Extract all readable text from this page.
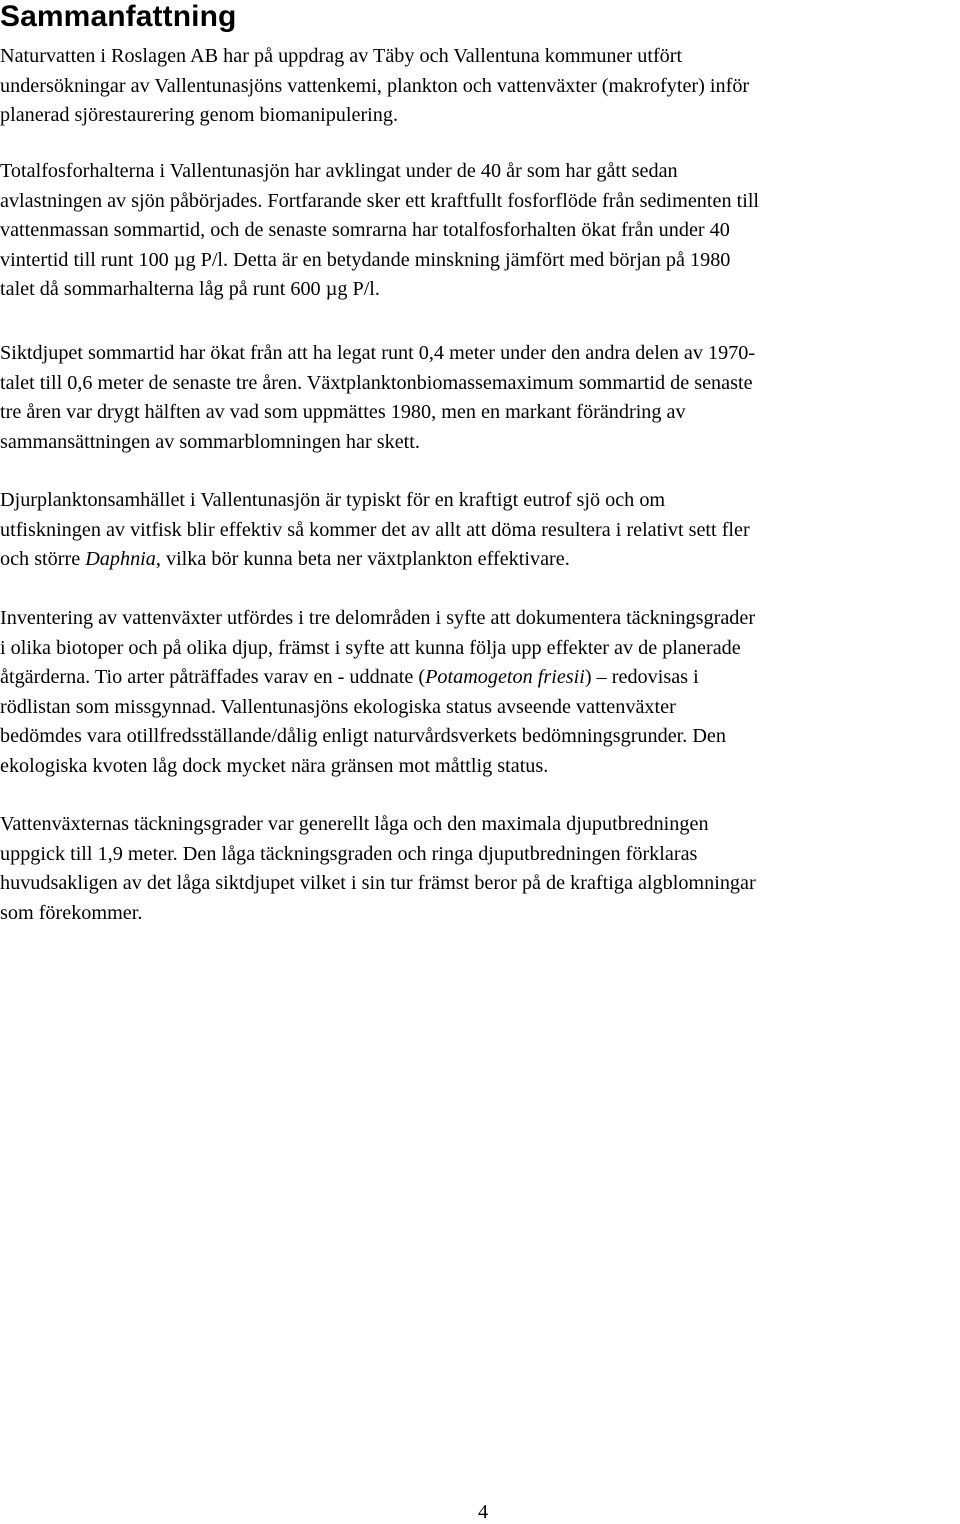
Sammanfattning

Naturvatten i Roslagen AB har på uppdrag av Täby och Vallentuna kommuner utfört
undersökningar av Vallentunasjöns vattenkemi, plankton och vattenväxter (makrofyter) inför
planerad sjörestaurering genom biomanipulering.

Totalfosforhalterna i Vallentunasjön har avklingat under de 40 år som har gått sedan
avlastningen av sjön påbörjades. Fortfarande sker ett kraftfullt fosforflöde från sedimenten till
vattenmassan sommartid, och de senaste somrarna har totalfosforhalten ökat från under 40
vintertid till runt 100 µg P/l. Detta är en betydande minskning jämfört med början på 1980
talet då sommarhalterna låg på runt 600 µg P/l.

Siktdjupet sommartid har ökat från att ha legat runt 0,4 meter under den andra delen av 1970-
talet till 0,6 meter de senaste tre åren. Växtplanktonbiomassemaximum sommartid de senaste
tre åren var drygt hälften av vad som uppmättes 1980, men en markant förändring av
sammansättningen av sommarblomningen har skett.

Djurplanktonsamhället i Vallentunasjön är typiskt för en kraftigt eutrof sjö och om
utfiskningen av vitfisk blir effektiv så kommer det av allt att döma resultera i relativt sett fler
och större Daphnia, vilka bör kunna beta ner växtplankton effektivare.

Inventering av vattenväxter utfördes i tre delområden i syfte att dokumentera täckningsgrader
i olika biotoper och på olika djup, främst i syfte att kunna följa upp effekter av de planerade
åtgärderna. Tio arter påträffades varav en - uddnate (Potamogeton friesii) – redovisas i
rödlistan som missgynnad. Vallentunasjöns ekologiska status avseende vattenväxter
bedömdes vara otillfredsställande/dålig enligt naturvårdsverkets bedömningsgrunder. Den
ekologiska kvoten låg dock mycket nära gränsen mot måttlig status.

Vattenväxternas täckningsgrader var generellt låga och den maximala djuputbredningen
uppgick till 1,9 meter. Den låga täckningsgraden och ringa djuputbredningen förklaras
huvudsakligen av det låga siktdjupet vilket i sin tur främst beror på de kraftiga algblomningar
som förekommer.

4
